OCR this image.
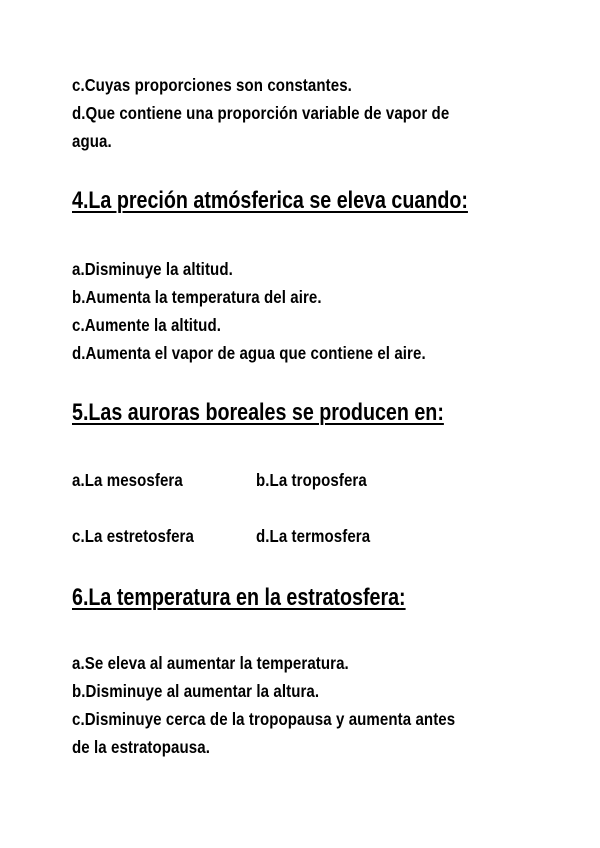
c.Cuyas proporciones son constantes.
d.Que contiene una proporción variable de vapor de
agua.
4.La preción atmósferica se eleva cuando:
a.Disminuye la altitud.
b.Aumenta la temperatura del aire.
c.Aumente la altitud.
d.Aumenta el vapor de agua que contiene el aire.
5.Las auroras boreales se producen en:
a.La mesosfera	b.La troposfera
c.La estretosfera	d.La termosfera
6.La temperatura en la estratosfera:
a.Se eleva al aumentar la temperatura.
b.Disminuye al aumentar la altura.
c.Disminuye cerca de la tropopausa y aumenta antes
de la estratopausa.
